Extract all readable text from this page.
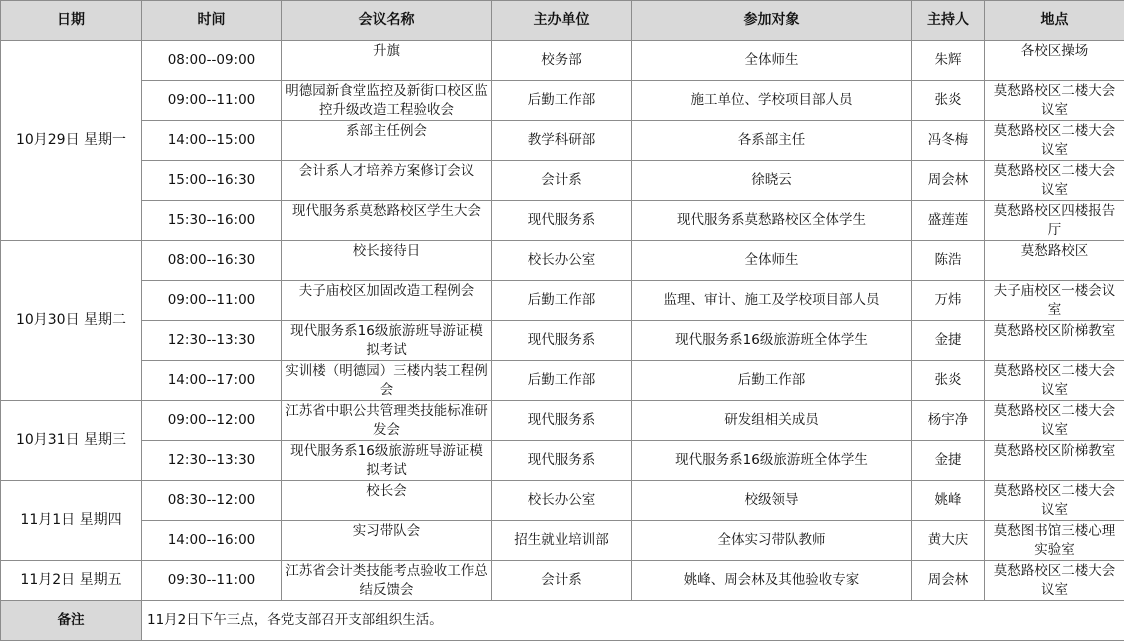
日期	时间	会议名称	主办单位	参加对象	主持人	地点
10月29日 星期一	08:00--09:00	升旗	校务部	全体师生	朱辉	各校区操场

	09:00--11:00	明德园新食堂监控及新街口校区监控升级改造工程验收会	后勤工作部	施工单位、学校项目部人员	张炎	莫愁路校区二楼大会议室

	14:00--15:00	系部主任例会	教学科研部	各系部主任	冯冬梅	莫愁路校区二楼大会议室

	15:00--16:30	会计系人才培养方案修订会议	会计系	徐晓云	周会林	莫愁路校区二楼大会议室

	15:30--16:00	现代服务系莫愁路校区学生大会	现代服务系	现代服务系莫愁路校区全体学生	盛莲莲	莫愁路校区四楼报告厅

10月30日 星期二	08:00--16:30	校长接待日	校长办公室	全体师生	陈浩	莫愁路校区

	09:00--11:00	夫子庙校区加固改造工程例会	后勤工作部	监理、审计、施工及学校项目部人员	万炜	夫子庙校区一楼会议室

	12:30--13:30	现代服务系16级旅游班导游证模拟考试	现代服务系	现代服务系16级旅游班全体学生	金捷	莫愁路校区阶梯教室

	14:00--17:00	实训楼（明德园）三楼内装工程例会	后勤工作部	后勤工作部	张炎	莫愁路校区二楼大会议室

10月31日 星期三	09:00--12:00	江苏省中职公共管理类技能标准研发会	现代服务系	研发组相关成员	杨宇净	莫愁路校区二楼大会议室

	12:30--13:30	现代服务系16级旅游班导游证模拟考试	现代服务系	现代服务系16级旅游班全体学生	金捷	莫愁路校区阶梯教室

11月1日 星期四	08:30--12:00	校长会	校长办公室	校级领导	姚峰	莫愁路校区二楼大会议室

	14:00--16:00	实习带队会	招生就业培训部	全体实习带队教师	黄大庆	莫愁图书馆三楼心理实验室

11月2日 星期五	09:30--11:00	江苏省会计类技能考点验收工作总结反馈会	会计系	姚峰、周会林及其他验收专家	周会林	莫愁路校区二楼大会议室

备注	11月2日下午三点，各党支部召开支部组织生活。					
